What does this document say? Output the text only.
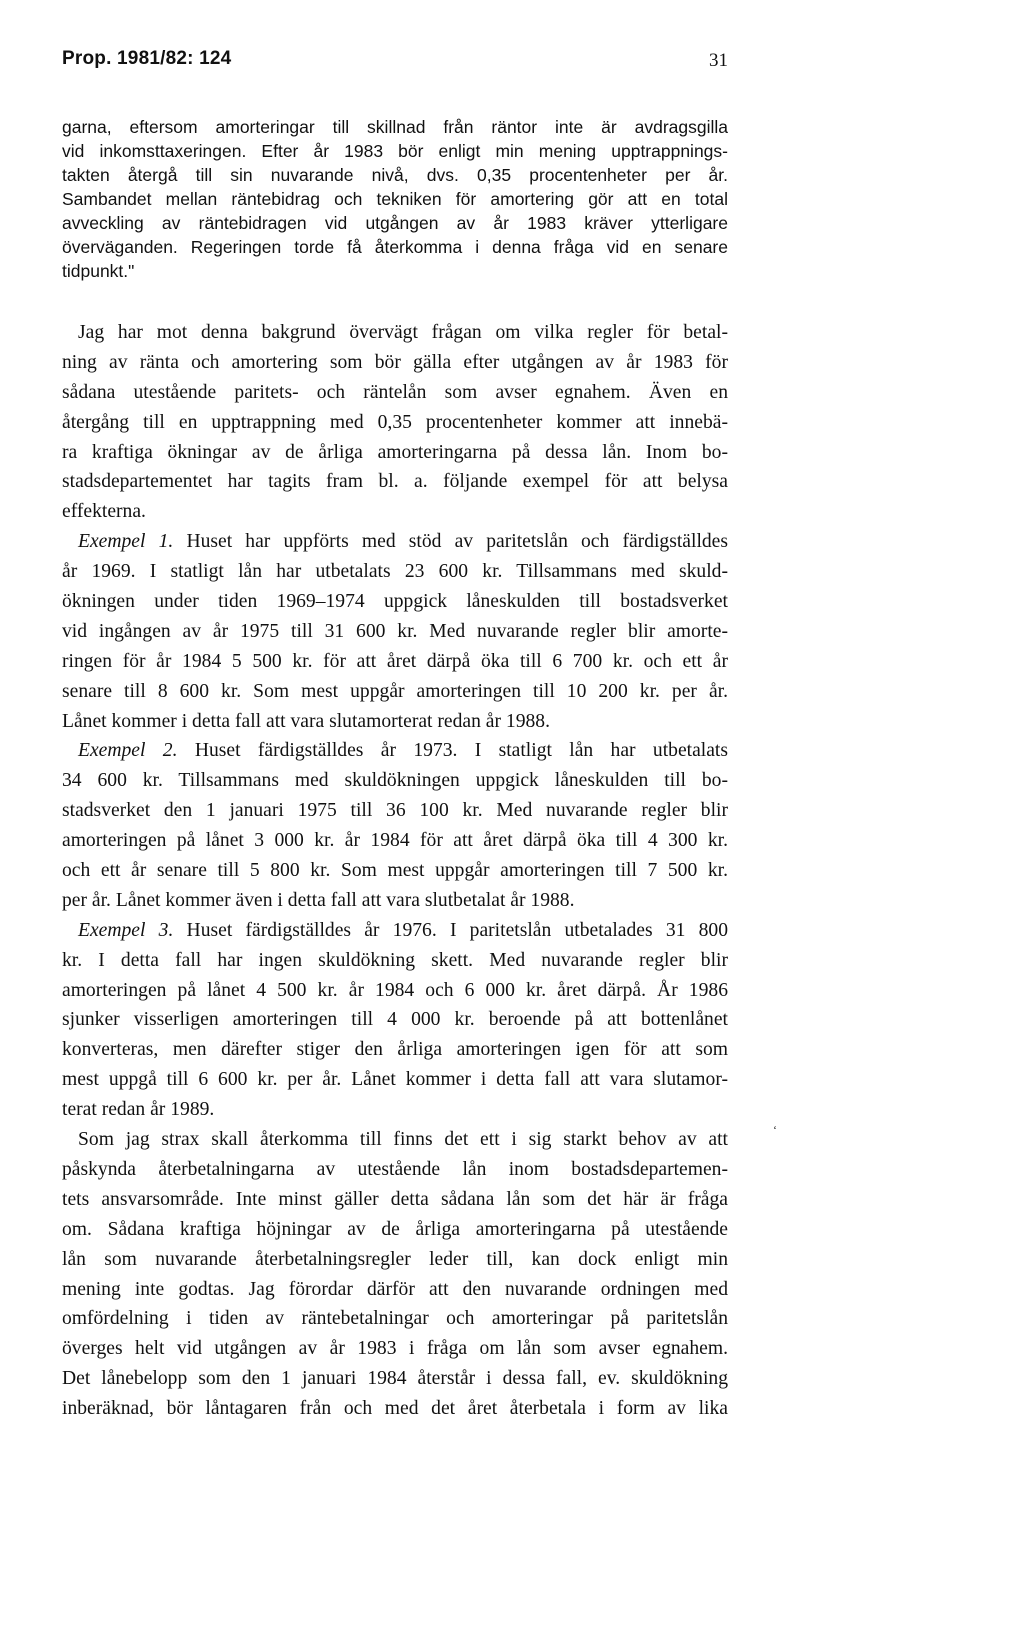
Prop. 1981/82: 124	31
garna, eftersom amorteringar till skillnad från räntor inte är avdragsgilla
vid inkomsttaxeringen. Efter år 1983 bör enligt min mening upptrappnings-
takten återgå till sin nuvarande nivå, dvs. 0,35 procentenheter per år.
Sambandet mellan räntebidrag och tekniken för amortering gör att en total
avveckling av räntebidragen vid utgången av år 1983 kräver ytterligare
överväganden. Regeringen torde få återkomma i denna fråga vid en senare
tidpunkt."
Jag har mot denna bakgrund övervägt frågan om vilka regler för betal-
ning av ränta och amortering som bör gälla efter utgången av år 1983 för
sådana utestående paritets- och räntelån som avser egnahem. Även en
återgång till en upptrappning med 0,35 procentenheter kommer att innebä-
ra kraftiga ökningar av de årliga amorteringarna på dessa lån. Inom bo-
stadsdepartementet har tagits fram bl. a. följande exempel för att belysa
effekterna.
Exempel 1. Huset har uppförts med stöd av paritetslån och färdigställdes
år 1969. I statligt lån har utbetalats 23 600 kr. Tillsammans med skuld-
ökningen under tiden 1969–1974 uppgick låneskulden till bostadsverket
vid ingången av år 1975 till 31 600 kr. Med nuvarande regler blir amorte-
ringen för år 1984 5 500 kr. för att året därpå öka till 6 700 kr. och ett år
senare till 8 600 kr. Som mest uppgår amorteringen till 10 200 kr. per år.
Lånet kommer i detta fall att vara slutamorterat redan år 1988.
Exempel 2. Huset färdigställdes år 1973. I statligt lån har utbetalats
34 600 kr. Tillsammans med skuldökningen uppgick låneskulden till bo-
stadsverket den 1 januari 1975 till 36 100 kr. Med nuvarande regler blir
amorteringen på lånet 3 000 kr. år 1984 för att året därpå öka till 4 300 kr.
och ett år senare till 5 800 kr. Som mest uppgår amorteringen till 7 500 kr.
per år. Lånet kommer även i detta fall att vara slutbetalat år 1988.
Exempel 3. Huset färdigställdes år 1976. I paritetslån utbetalades 31 800
kr. I detta fall har ingen skuldökning skett. Med nuvarande regler blir
amorteringen på lånet 4 500 kr. år 1984 och 6 000 kr. året därpå. År 1986
sjunker visserligen amorteringen till 4 000 kr. beroende på att bottenlånet
konverteras, men därefter stiger den årliga amorteringen igen för att som
mest uppgå till 6 600 kr. per år. Lånet kommer i detta fall att vara slutamor-
terat redan år 1989.
Som jag strax skall återkomma till finns det ett i sig starkt behov av att
påskynda återbetalningarna av utestående lån inom bostadsdepartemen-
tets ansvarsområde. Inte minst gäller detta sådana lån som det här är fråga
om. Sådana kraftiga höjningar av de årliga amorteringarna på utestående
lån som nuvarande återbetalningsregler leder till, kan dock enligt min
mening inte godtas. Jag förordar därför att den nuvarande ordningen med
omfördelning i tiden av räntebetalningar och amorteringar på paritetslån
överges helt vid utgången av år 1983 i fråga om lån som avser egnahem.
Det lånebelopp som den 1 januari 1984 återstår i dessa fall, ev. skuldökning
inberäknad, bör låntagaren från och med det året återbetala i form av lika
‘
